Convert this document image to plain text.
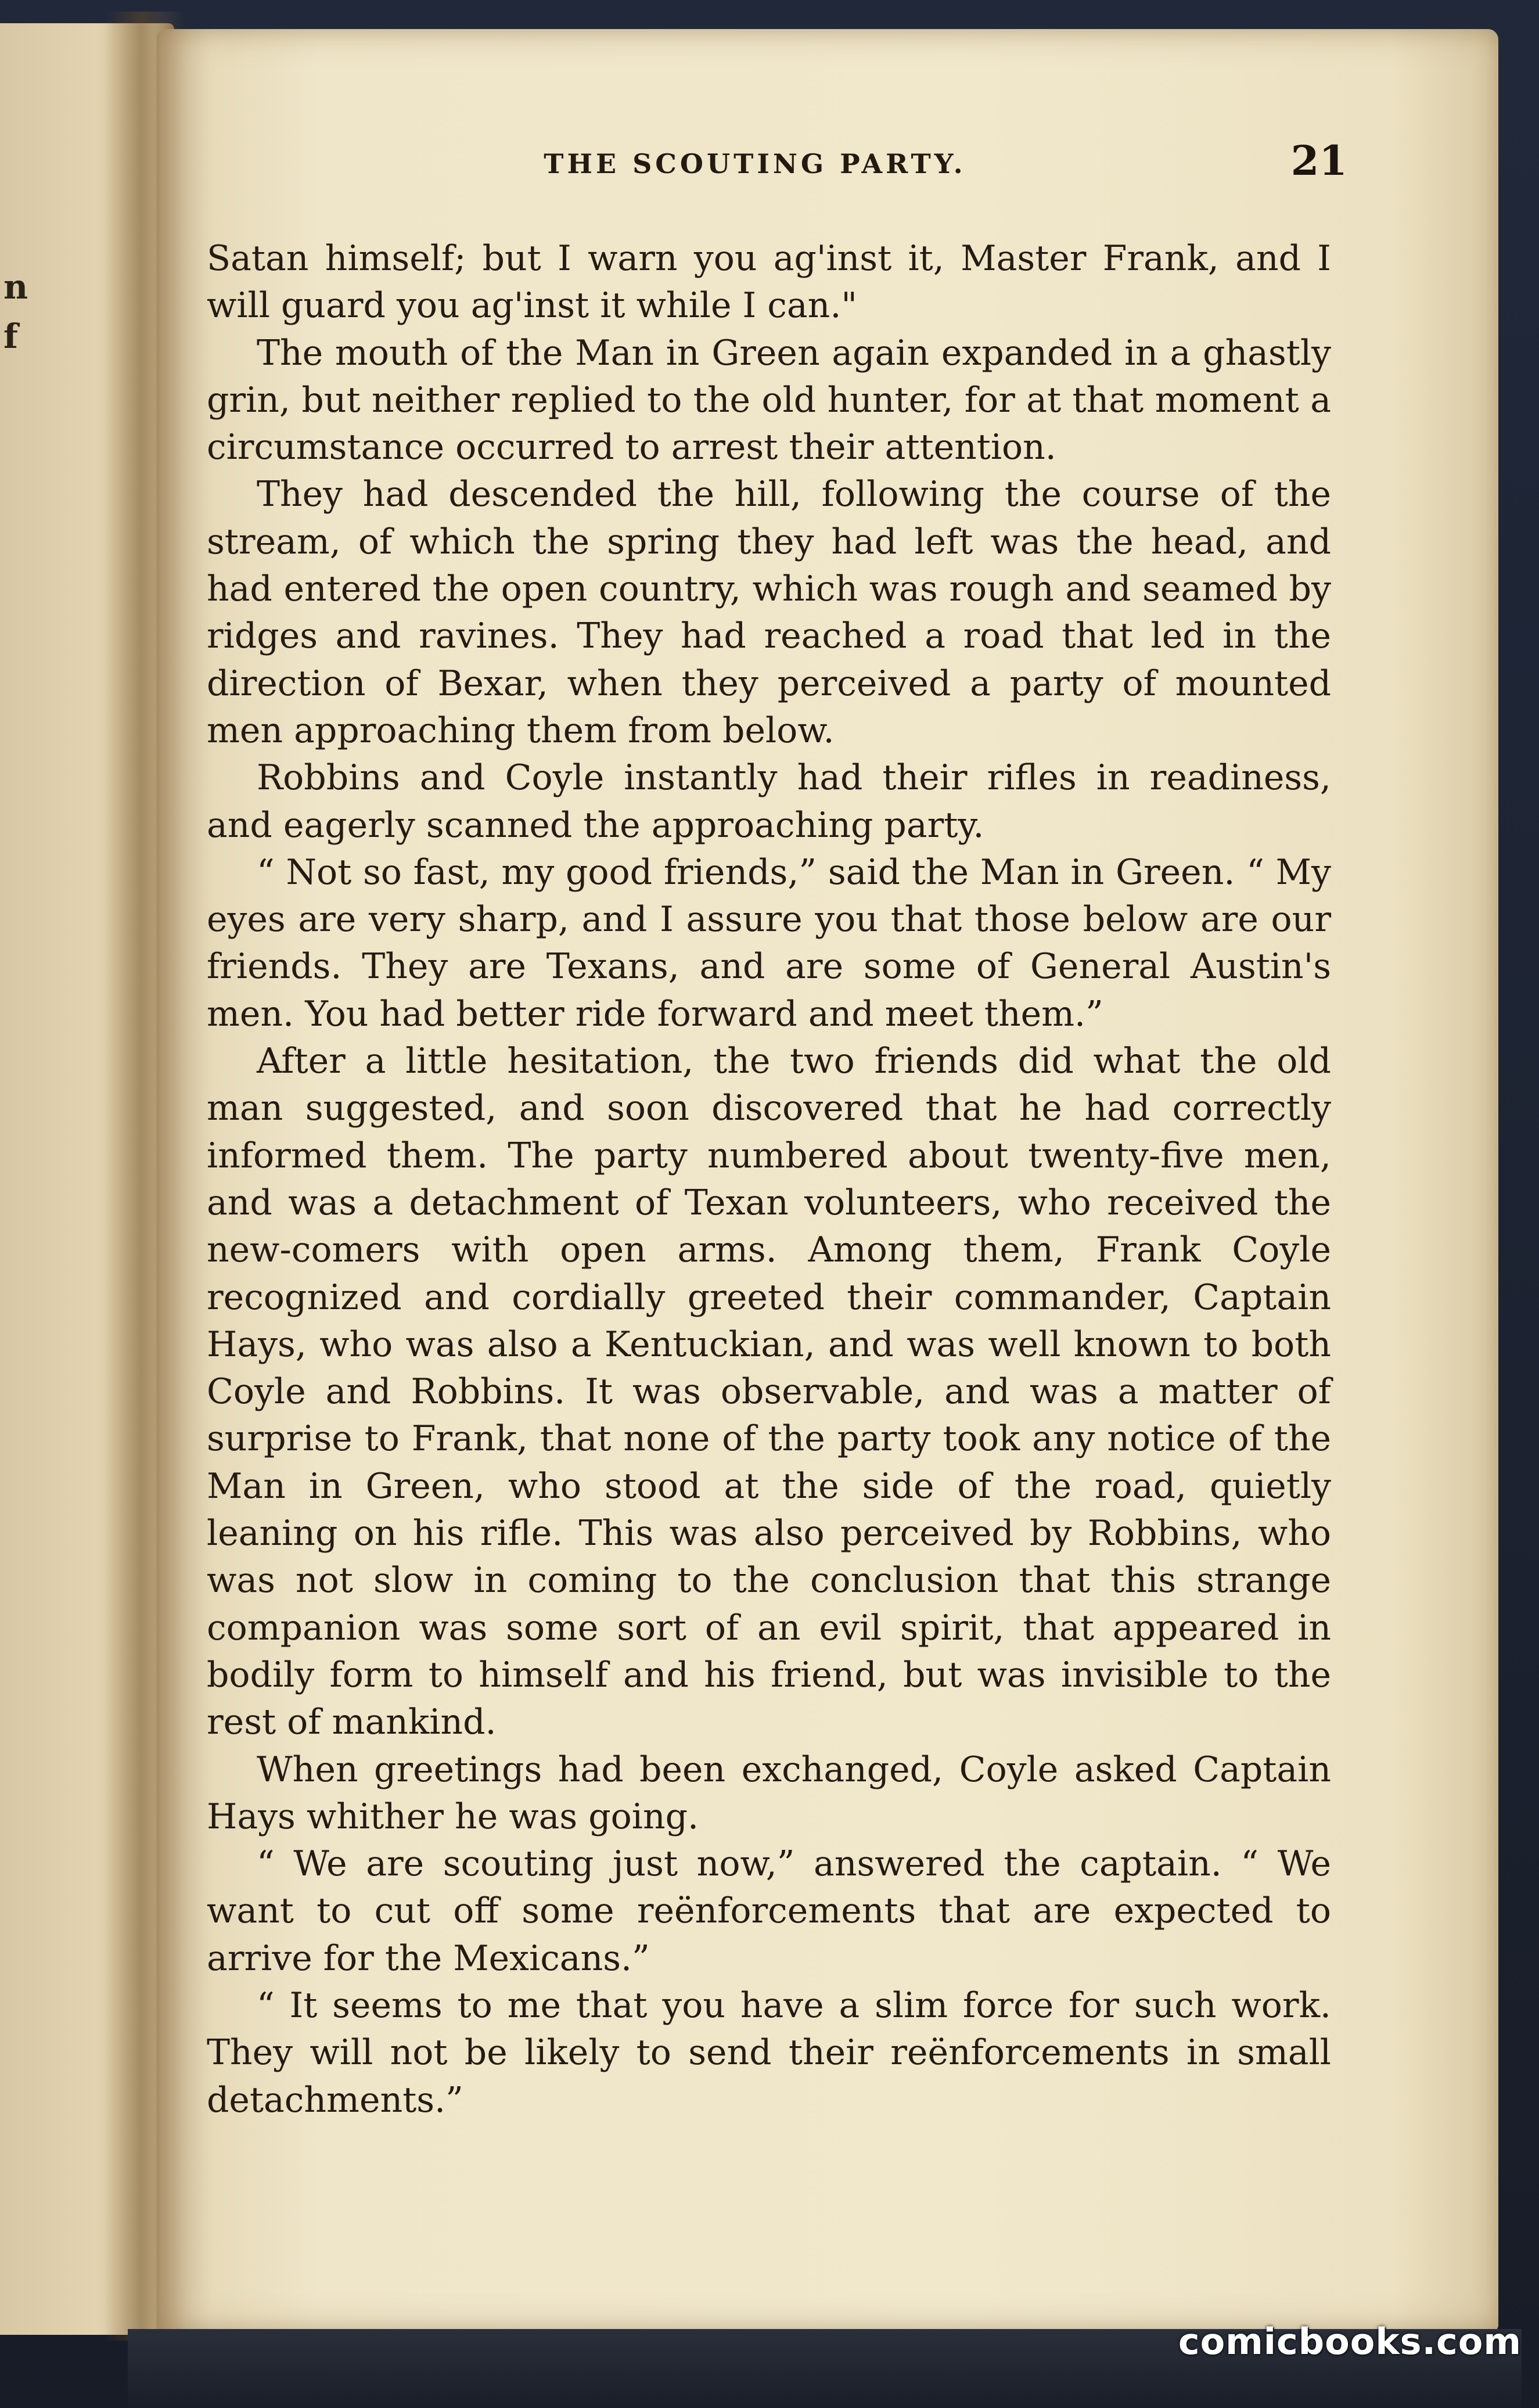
n
f
THE SCOUTING PARTY.	21

Satan himself; but I warn you ag'inst it, Master Frank, and I will guard you ag'inst it while I can."

The mouth of the Man in Green again expanded in a ghastly grin, but neither replied to the old hunter, for at that moment a circumstance occurred to arrest their attention.

They had descended the hill, following the course of the stream, of which the spring they had left was the head, and had entered the open country, which was rough and seamed by ridges and ravines. They had reached a road that led in the direction of Bexar, when they perceived a party of mounted men approaching them from below.

Robbins and Coyle instantly had their rifles in readiness, and eagerly scanned the approaching party.

“ Not so fast, my good friends,” said the Man in Green. “ My eyes are very sharp, and I assure you that those below are our friends. They are Texans, and are some of General Austin's men. You had better ride forward and meet them.”

After a little hesitation, the two friends did what the old man suggested, and soon discovered that he had correctly informed them. The party numbered about twenty-five men, and was a detachment of Texan volunteers, who received the new-comers with open arms. Among them, Frank Coyle recognized and cordially greeted their commander, Captain Hays, who was also a Kentuckian, and was well known to both Coyle and Robbins. It was observable, and was a matter of surprise to Frank, that none of the party took any notice of the Man in Green, who stood at the side of the road, quietly leaning on his rifle. This was also perceived by Robbins, who was not slow in coming to the conclusion that this strange companion was some sort of an evil spirit, that appeared in bodily form to himself and his friend, but was invisible to the rest of mankind.

When greetings had been exchanged, Coyle asked Captain Hays whither he was going.

“ We are scouting just now,” answered the captain. “ We want to cut off some reënforcements that are expected to arrive for the Mexicans.”

“ It seems to me that you have a slim force for such work. They will not be likely to send their reënforcements in small detachments.”

comicbooks.com
